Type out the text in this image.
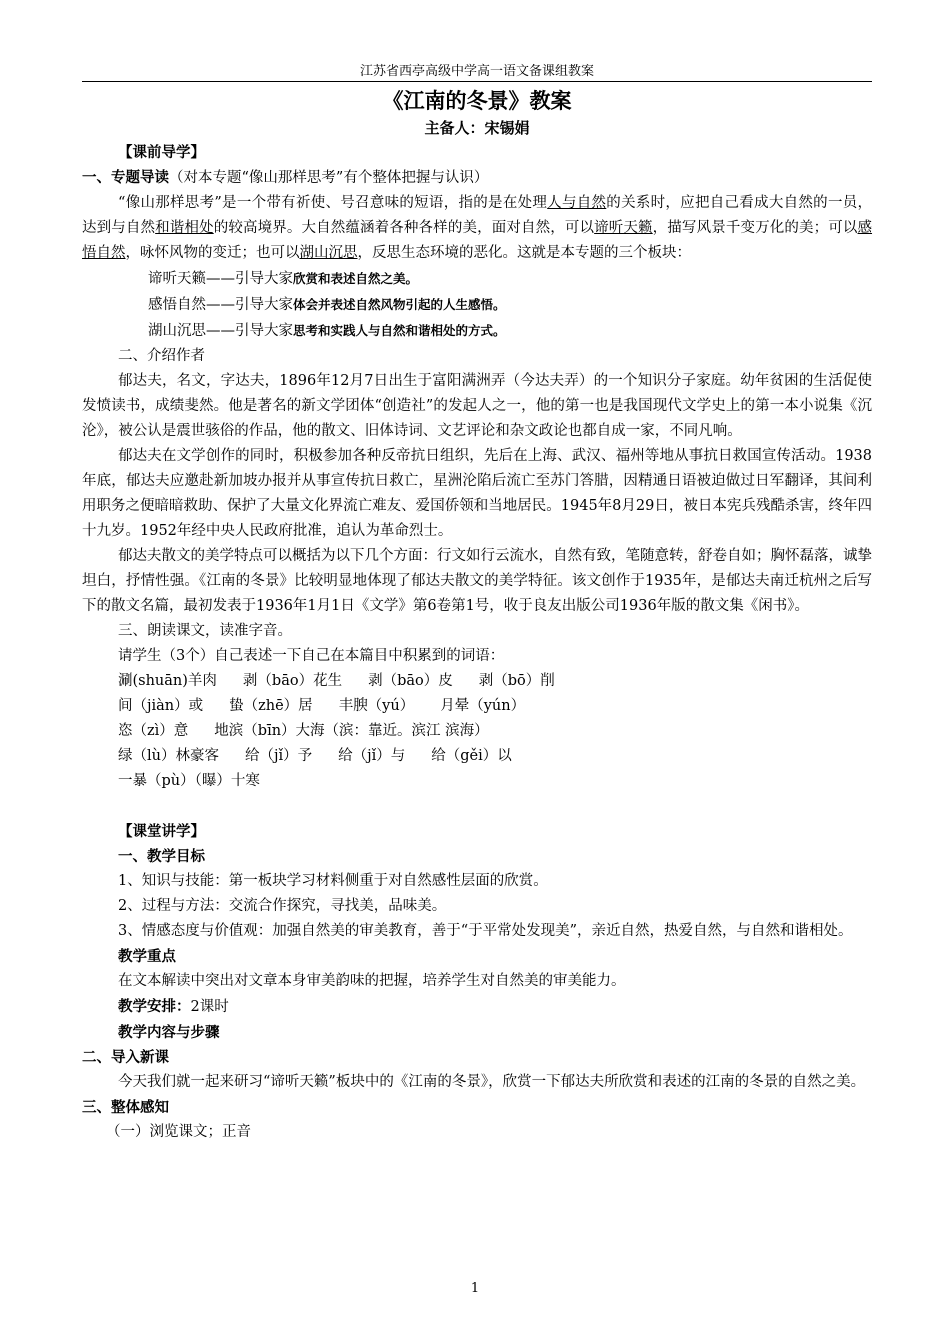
江苏省西亭高级中学高一语文备课组教案

《江南的冬景》教案

主备人：宋锡娟

【课前导学】

一、专题导读（对本专题“像山那样思考”有个整体把握与认识）

“像山那样思考”是一个带有祈使、号召意味的短语，指的是在处理人与自然的关系时，应把自己看成大自然的一员，达到与自然和谐相处的较高境界。大自然蕴涵着各种各样的美，面对自然，可以谛听天籁，描写风景千变万化的美；可以感悟自然，咏怀风物的变迁；也可以湖山沉思，反思生态环境的恶化。这就是本专题的三个板块：

谛听天籁——引导大家欣赏和表述自然之美。

感悟自然——引导大家体会并表述自然风物引起的人生感悟。

湖山沉思——引导大家思考和实践人与自然和谐相处的方式。

二、介绍作者

郁达夫，名文，字达夫，1896年12月7日出生于富阳满洲弄（今达夫弄）的一个知识分子家庭。幼年贫困的生活促使发愤读书，成绩斐然。他是著名的新文学团体“创造社”的发起人之一，他的第一也是我国现代文学史上的第一本小说集《沉沦》，被公认是震世骇俗的作品，他的散文、旧体诗词、文艺评论和杂文政论也都自成一家，不同凡响。

郁达夫在文学创作的同时，积极参加各种反帝抗日组织，先后在上海、武汉、福州等地从事抗日救国宣传活动。1938年底，郁达夫应邀赴新加坡办报并从事宣传抗日救亡，星洲沦陷后流亡至苏门答腊，因精通日语被迫做过日军翻译，其间利用职务之便暗暗救助、保护了大量文化界流亡难友、爱国侨领和当地居民。1945年8月29日，被日本宪兵残酷杀害，终年四十九岁。1952年经中央人民政府批准，追认为革命烈士。

郁达夫散文的美学特点可以概括为以下几个方面：行文如行云流水，自然有致，笔随意转，舒卷自如；胸怀磊落，诚挚坦白，抒情性强。《江南的冬景》比较明显地体现了郁达夫散文的美学特征。该文创作于1935年，是郁达夫南迁杭州之后写下的散文名篇，最初发表于1936年1月1日《文学》第6卷第1号，收于良友出版公司1936年版的散文集《闲书》。

三、朗读课文，读准字音。

请学生（3个）自己表述一下自己在本篇目中积累到的词语：

涮(shuān)羊肉 剥（bāo）花生 剥（bāo）皮 剥（bō）削

间（jiàn）或 蛰（zhē）居 丰腴（yú） 月晕（yún）

恣（zì）意 地滨（bīn）大海（滨：靠近。滨江 滨海）

绿（lù）林豪客 给（jǐ）予 给（jǐ）与 给（gěi）以

一暴（pù）（曝）十寒

【课堂讲学】

一、教学目标

1、知识与技能：第一板块学习材料侧重于对自然感性层面的欣赏。

2、过程与方法：交流合作探究，寻找美，品味美。

3、情感态度与价值观：加强自然美的审美教育，善于“于平常处发现美”，亲近自然，热爱自然，与自然和谐相处。

教学重点

在文本解读中突出对文章本身审美韵味的把握，培养学生对自然美的审美能力。

教学安排：2课时

教学内容与步骤

二、导入新课

今天我们就一起来研习“谛听天籁”板块中的《江南的冬景》，欣赏一下郁达夫所欣赏和表述的江南的冬景的自然之美。

三、整体感知

（一）浏览课文；正音

1
